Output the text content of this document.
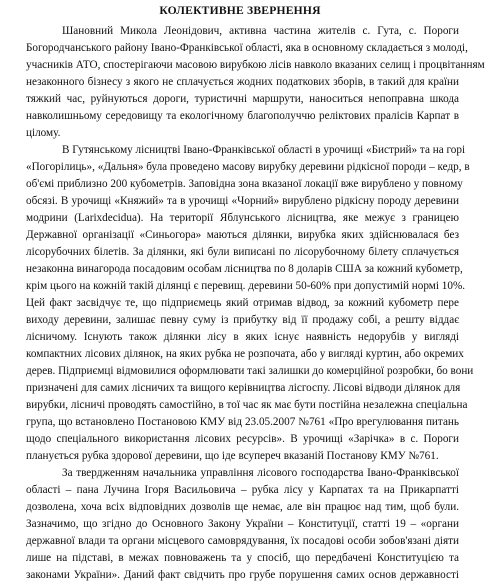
КОЛЕКТИВНЕ ЗВЕРНЕННЯ
Шановний Микола Леонідович, активна частина жителів с. Гута, с. Пороги
Богородчанського району Івано-Франківської області, яка в основному складається з молоді,
учасників АТО, спостерігаючи масовою вирубкою лісів навколо вказаних селищ і процвітанням
незаконного бізнесу з якого не сплачується жодних податкових зборів, в такий для країни
тяжкий час, руйнуються дороги, туристичні маршрути, наноситься непоправна шкода
навколишньому середовищу та екологічному благополуччю реліктових пралісів Карпат в
цілому.
В Гутянському лісництві Івано-Франківської області в урочищі «Бистрий» та на горі
«Погорілиць», «Дальня» була проведено масову вирубку деревини рідкісної породи – кедр, в
об'ємі приблизно 200 кубометрів. Заповідна зона вказаної локації вже вирублено у повному
обсязі. В урочищі «Княжий» та в урочищі «Чорний» вирублено рідкісну породу деревини
модрини (Larixdecidua). На території Яблунського лісництва, яке межує з границею
Державної організації «Синьогора» маються ділянки, вирубка яких здійснювалася без
лісорубочних білетів. За ділянки, які були виписані по лісорубочному білету сплачується
незаконна винагорода посадовим особам лісництва по 8 доларів США за кожний кубометр,
крім цього на кожній такій ділянці є перевищ. деревини 50-60% при допустимій нормі 10%.
Цей факт засвідчує те, що підприємець який отримав відвод, за кожний кубометр пере
виходу деревини, залишає певну суму із прибутку від її продажу собі, а решту віддає
лісничому. Існують також ділянки лісу в яких існує наявність недорубів у вигляді
компактних лісових ділянок, на яких рубка не розпочата, або у вигляді куртин, або окремих
дерев. Підприємці відмовилися оформлювати такі залишки до комерційної розробки, бо вони
призначені для самих лісничих та вищого керівництва лісгоспу. Лісові відводи ділянок для
вирубки, лісничі проводять самостійно, в тої час як має бути постійна незалежна спеціальна
група, що встановлено Постановою КМУ від 23.05.2007 №761 «Про врегулювання питань
щодо спеціального використання лісових ресурсів». В урочищі «Зарічка» в с. Пороги
планується рубка здорової деревини, що іде всупереч вказаній Постанову КМУ №761.
За твердженням начальника управління лісового господарства Івано-Франківської
області – пана Лучина Ігоря Васильовича – рубка лісу у Карпатах та на Прикарпатті
дозволена, хоча всіх відповідних дозволів ще немає, але він працює над тим, щоб були.
Зазначимо, що згідно до Основного Закону України – Конституції, статті 19 – «органи
державної влади та органи місцевого самоврядування, їх посадові особи зобов'язані діяти
лише на підставі, в межах повноважень та у спосіб, що передбачені Конституцією та
законами України». Даний факт свідчить про грубе порушення самих основ державності
